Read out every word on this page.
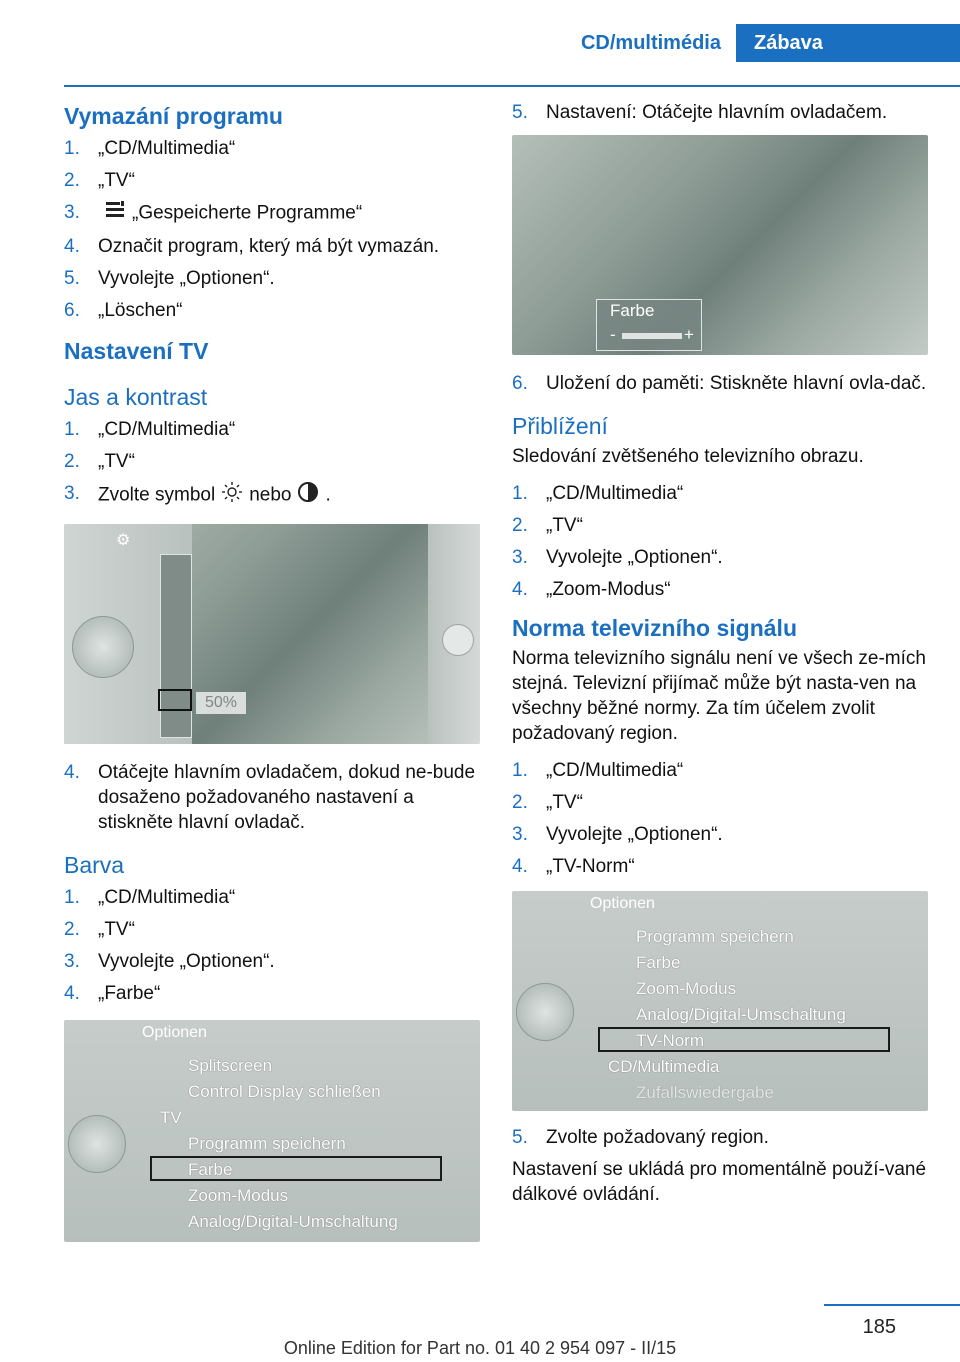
CD/multimédia	Zábava
Vymazání programu
1. „CD/Multimedia“
2. „TV“
3.	„Gespeicherte Programme“
4. Označit program, který má být vymazán.
5. Vyvolejte „Optionen“.
6. „Löschen“
Nastavení TV
Jas a kontrast
1. „CD/Multimedia“
2. „TV“
3. Zvolte symbol nebo .
⚙
50%
4. Otáčejte hlavním ovladačem, dokud ne-bude dosaženo požadovaného nastavení a stiskněte hlavní ovladač.
Barva
1. „CD/Multimedia“
2. „TV“
3. Vyvolejte „Optionen“.
4. „Farbe“
Optionen
Splitscreen
Control Display schließen
TV
Programm speichern
Farbe
Zoom-Modus
Analog/Digital-Umschaltung
5. Nastavení: Otáčejte hlavním ovladačem.
Farbe
-	+
6. Uložení do paměti: Stiskněte hlavní ovla-dač.
Přiblížení

Sledování zvětšeného televizního obrazu.

1. „CD/Multimedia“
2. „TV“
3. Vyvolejte „Optionen“.
4. „Zoom-Modus“
Norma televizního signálu

Norma televizního signálu není ve všech ze-mích stejná. Televizní přijímač může být nasta-ven na všechny běžné normy. Za tím účelem zvolit požadovaný region.

1. „CD/Multimedia“
2. „TV“
3. Vyvolejte „Optionen“.
4. „TV-Norm“
Optionen
Programm speichern
Farbe
Zoom-Modus
Analog/Digital-Umschaltung
TV-Norm
CD/Multimedia
Zufallswiedergabe
5. Zvolte požadovaný region.

Nastavení se ukládá pro momentálně použí-vané dálkové ovládání.

185
Online Edition for Part no. 01 40 2 954 097 - II/15
